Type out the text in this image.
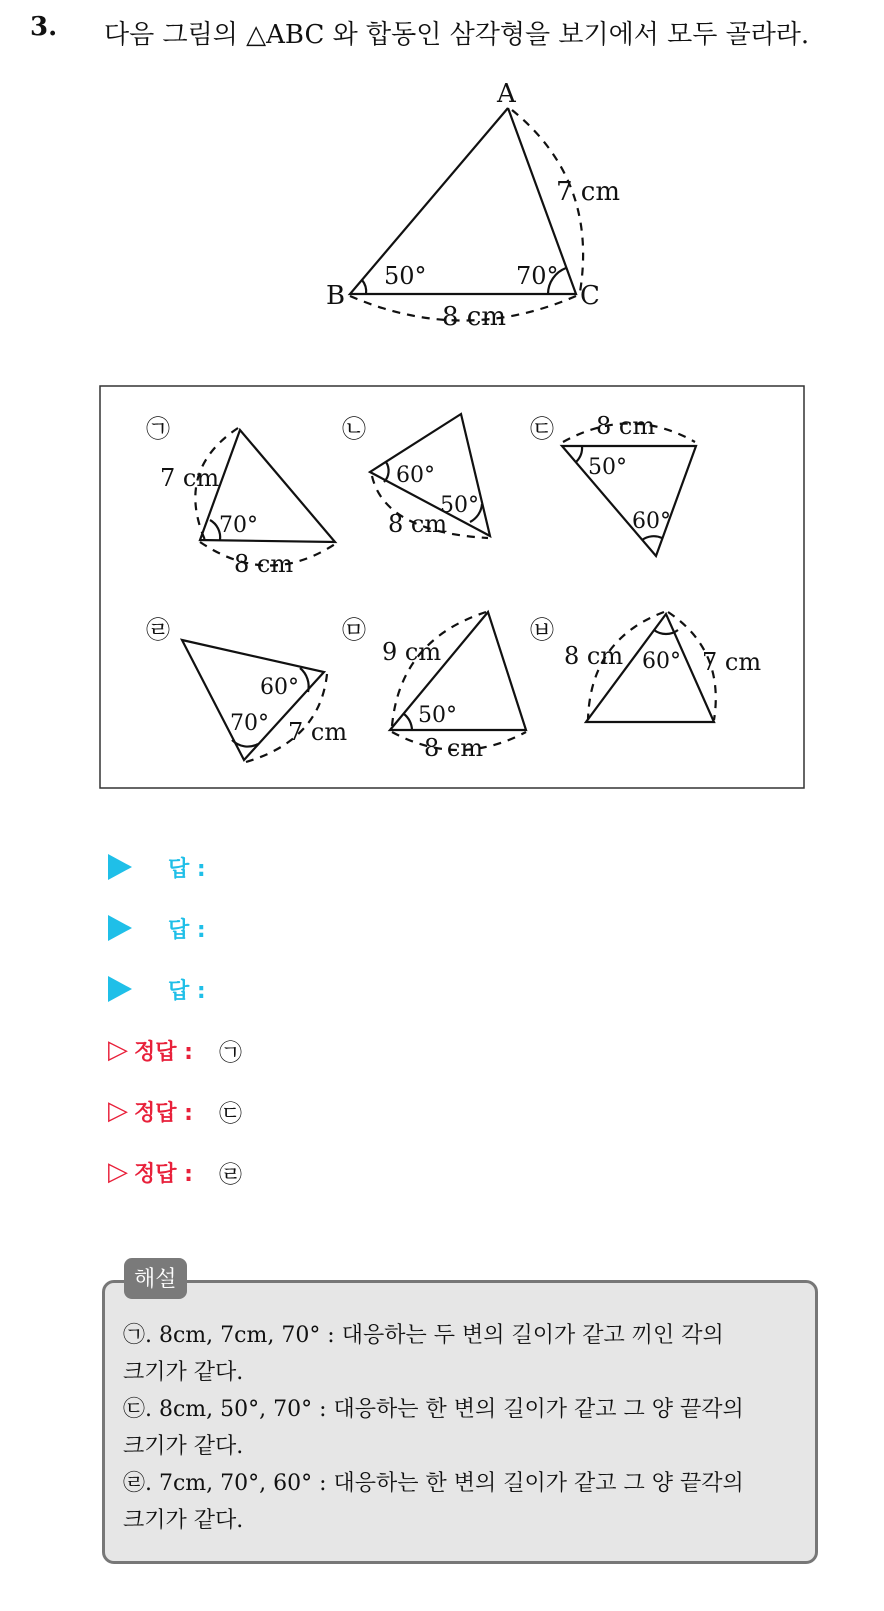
3. 다음 그림의 △ABC 와 합동인 삼각형을 보기에서 모두 골라라.
A
B	C
7 cm
8 cm
50°	70°
㉠
7 cm
70°
8 cm
㉡
60°
50°
8 cm
㉢ 8 cm
50°
60°
㉣
60°
70° 7 cm
㉤
9 cm
50°
8 cm
㉥
8 cm 60° 7 cm
답 :
답 :
답 :
▷ 정답 : ㉠
▷ 정답 : ㉢
▷ 정답 : ㉣
해설
㉠. 8cm, 7cm, 70° : 대응하는 두 변의 길이가 같고 끼인 각의
크기가 같다.
㉢. 8cm, 50°, 70° : 대응하는 한 변의 길이가 같고 그 양 끝각의
크기가 같다.
㉣. 7cm, 70°, 60° : 대응하는 한 변의 길이가 같고 그 양 끝각의
크기가 같다.
